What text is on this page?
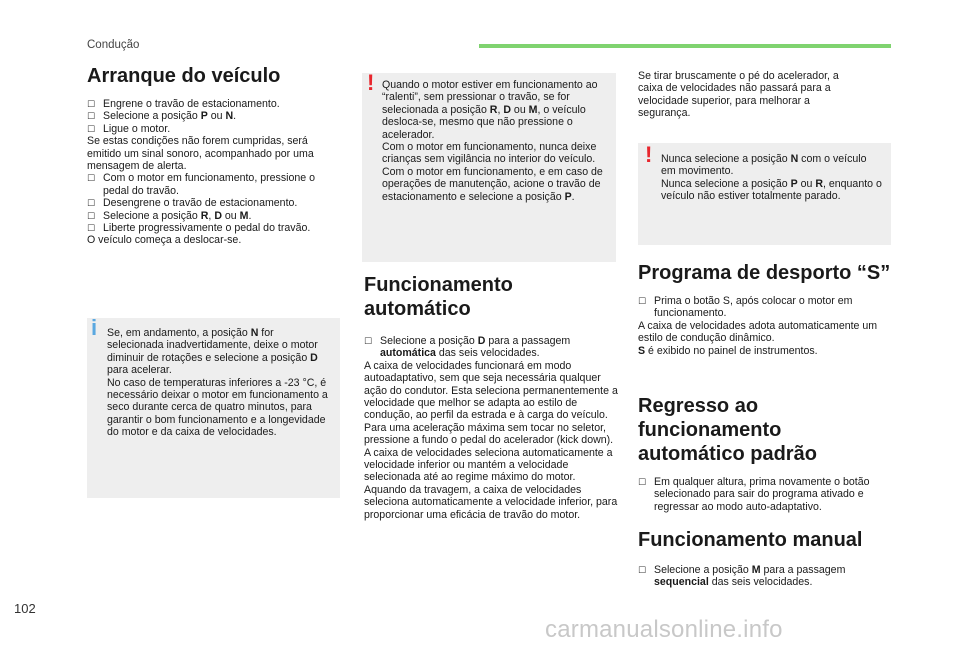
Condução
Arranque do veículo
☐ Engrene o travão de estacionamento.
☐ Selecione a posição P ou N.
☐ Ligue o motor.
Se estas condições não forem cumpridas, será emitido um sinal sonoro, acompanhado por uma mensagem de alerta.
☐ Com o motor em funcionamento, pressione o pedal do travão.
☐ Desengrene o travão de estacionamento.
☐ Selecione a posição R, D ou M.
☐ Liberte progressivamente o pedal do travão.
O veículo começa a deslocar-se.
i Se, em andamento, a posição N for selecionada inadvertidamente, deixe o motor diminuir de rotações e selecione a posição D para acelerar.
No caso de temperaturas inferiores a -23 °C, é necessário deixar o motor em funcionamento a seco durante cerca de quatro minutos, para garantir o bom funcionamento e a longevidade do motor e da caixa de velocidades.
! Quando o motor estiver em funcionamento ao “ralenti”, sem pressionar o travão, se for selecionada a posição R, D ou M, o veículo desloca-se, mesmo que não pressione o acelerador.
Com o motor em funcionamento, nunca deixe crianças sem vigilância no interior do veículo.
Com o motor em funcionamento, e em caso de operações de manutenção, acione o travão de estacionamento e selecione a posição P.
Funcionamento automático
☐ Selecione a posição D para a passagem automática das seis velocidades.
A caixa de velocidades funcionará em modo autoadaptativo, sem que seja necessária qualquer ação do condutor. Esta seleciona permanentemente a velocidade que melhor se adapta ao estilo de condução, ao perfil da estrada e à carga do veículo.
Para uma aceleração máxima sem tocar no seletor, pressione a fundo o pedal do acelerador (kick down). A caixa de velocidades seleciona automaticamente a velocidade inferior ou mantém a velocidade selecionada até ao regime máximo do motor.
Aquando da travagem, a caixa de velocidades seleciona automaticamente a velocidade inferior, para proporcionar uma eficácia de travão do motor.

Se tirar bruscamente o pé do acelerador, a caixa de velocidades não passará para a velocidade superior, para melhorar a segurança.

! Nunca selecione a posição N com o veículo em movimento.
Nunca selecione a posição P ou R, enquanto o veículo não estiver totalmente parado.
Programa de desporto “S”
☐ Prima o botão S, após colocar o motor em funcionamento.
A caixa de velocidades adota automaticamente um estilo de condução dinâmico.
S é exibido no painel de instrumentos.
Regresso ao funcionamento automático padrão
☐ Em qualquer altura, prima novamente o botão selecionado para sair do programa ativado e regressar ao modo auto-adaptativo.
Funcionamento manual
☐ Selecione a posição M para a passagem sequencial das seis velocidades.
102
carmanualsonline.info
